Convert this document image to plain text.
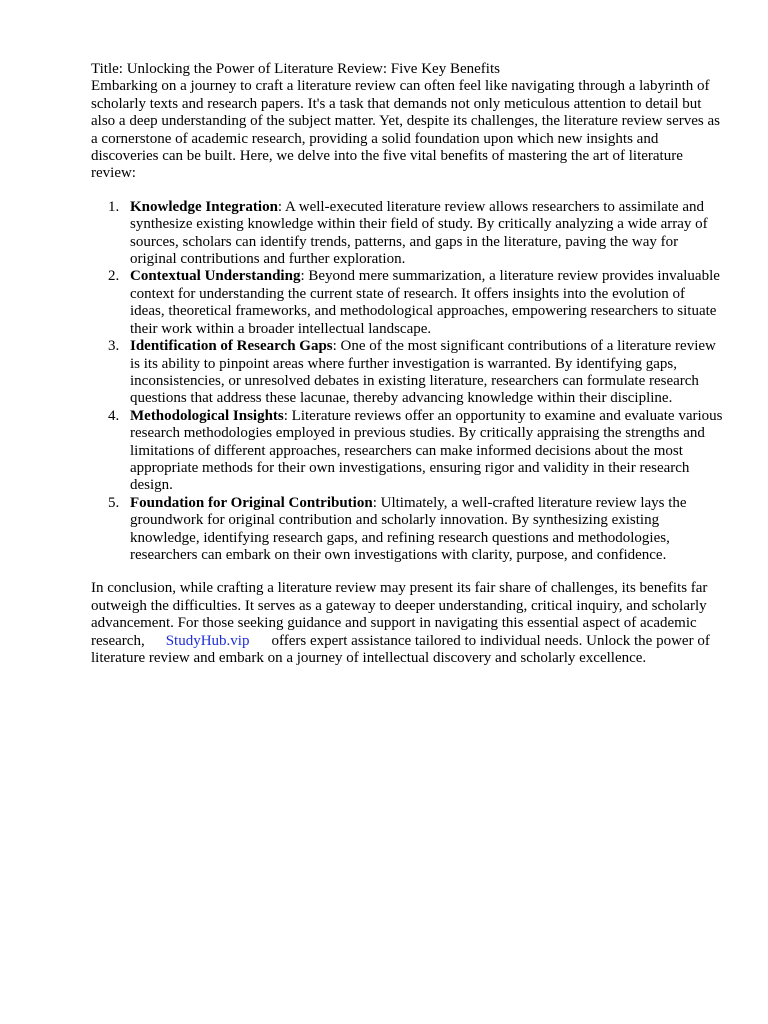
Title: Unlocking the Power of Literature Review: Five Key Benefits

Embarking on a journey to craft a literature review can often feel like navigating through a labyrinth of scholarly texts and research papers. It's a task that demands not only meticulous attention to detail but also a deep understanding of the subject matter. Yet, despite its challenges, the literature review serves as a cornerstone of academic research, providing a solid foundation upon which new insights and discoveries can be built. Here, we delve into the five vital benefits of mastering the art of literature review:

1. Knowledge Integration: A well-executed literature review allows researchers to assimilate and synthesize existing knowledge within their field of study. By critically analyzing a wide array of sources, scholars can identify trends, patterns, and gaps in the literature, paving the way for original contributions and further exploration.
2. Contextual Understanding: Beyond mere summarization, a literature review provides invaluable context for understanding the current state of research. It offers insights into the evolution of ideas, theoretical frameworks, and methodological approaches, empowering researchers to situate their work within a broader intellectual landscape.
3. Identification of Research Gaps: One of the most significant contributions of a literature review is its ability to pinpoint areas where further investigation is warranted. By identifying gaps, inconsistencies, or unresolved debates in existing literature, researchers can formulate research questions that address these lacunae, thereby advancing knowledge within their discipline.
4. Methodological Insights: Literature reviews offer an opportunity to examine and evaluate various research methodologies employed in previous studies. By critically appraising the strengths and limitations of different approaches, researchers can make informed decisions about the most appropriate methods for their own investigations, ensuring rigor and validity in their research design.
5. Foundation for Original Contribution: Ultimately, a well-crafted literature review lays the groundwork for original contribution and scholarly innovation. By synthesizing existing knowledge, identifying research gaps, and refining research questions and methodologies, researchers can embark on their own investigations with clarity, purpose, and confidence.

In conclusion, while crafting a literature review may present its fair share of challenges, its benefits far outweigh the difficulties. It serves as a gateway to deeper understanding, critical inquiry, and scholarly advancement. For those seeking guidance and support in navigating this essential aspect of academic research, StudyHub.vip offers expert assistance tailored to individual needs. Unlock the power of literature review and embark on a journey of intellectual discovery and scholarly excellence.
